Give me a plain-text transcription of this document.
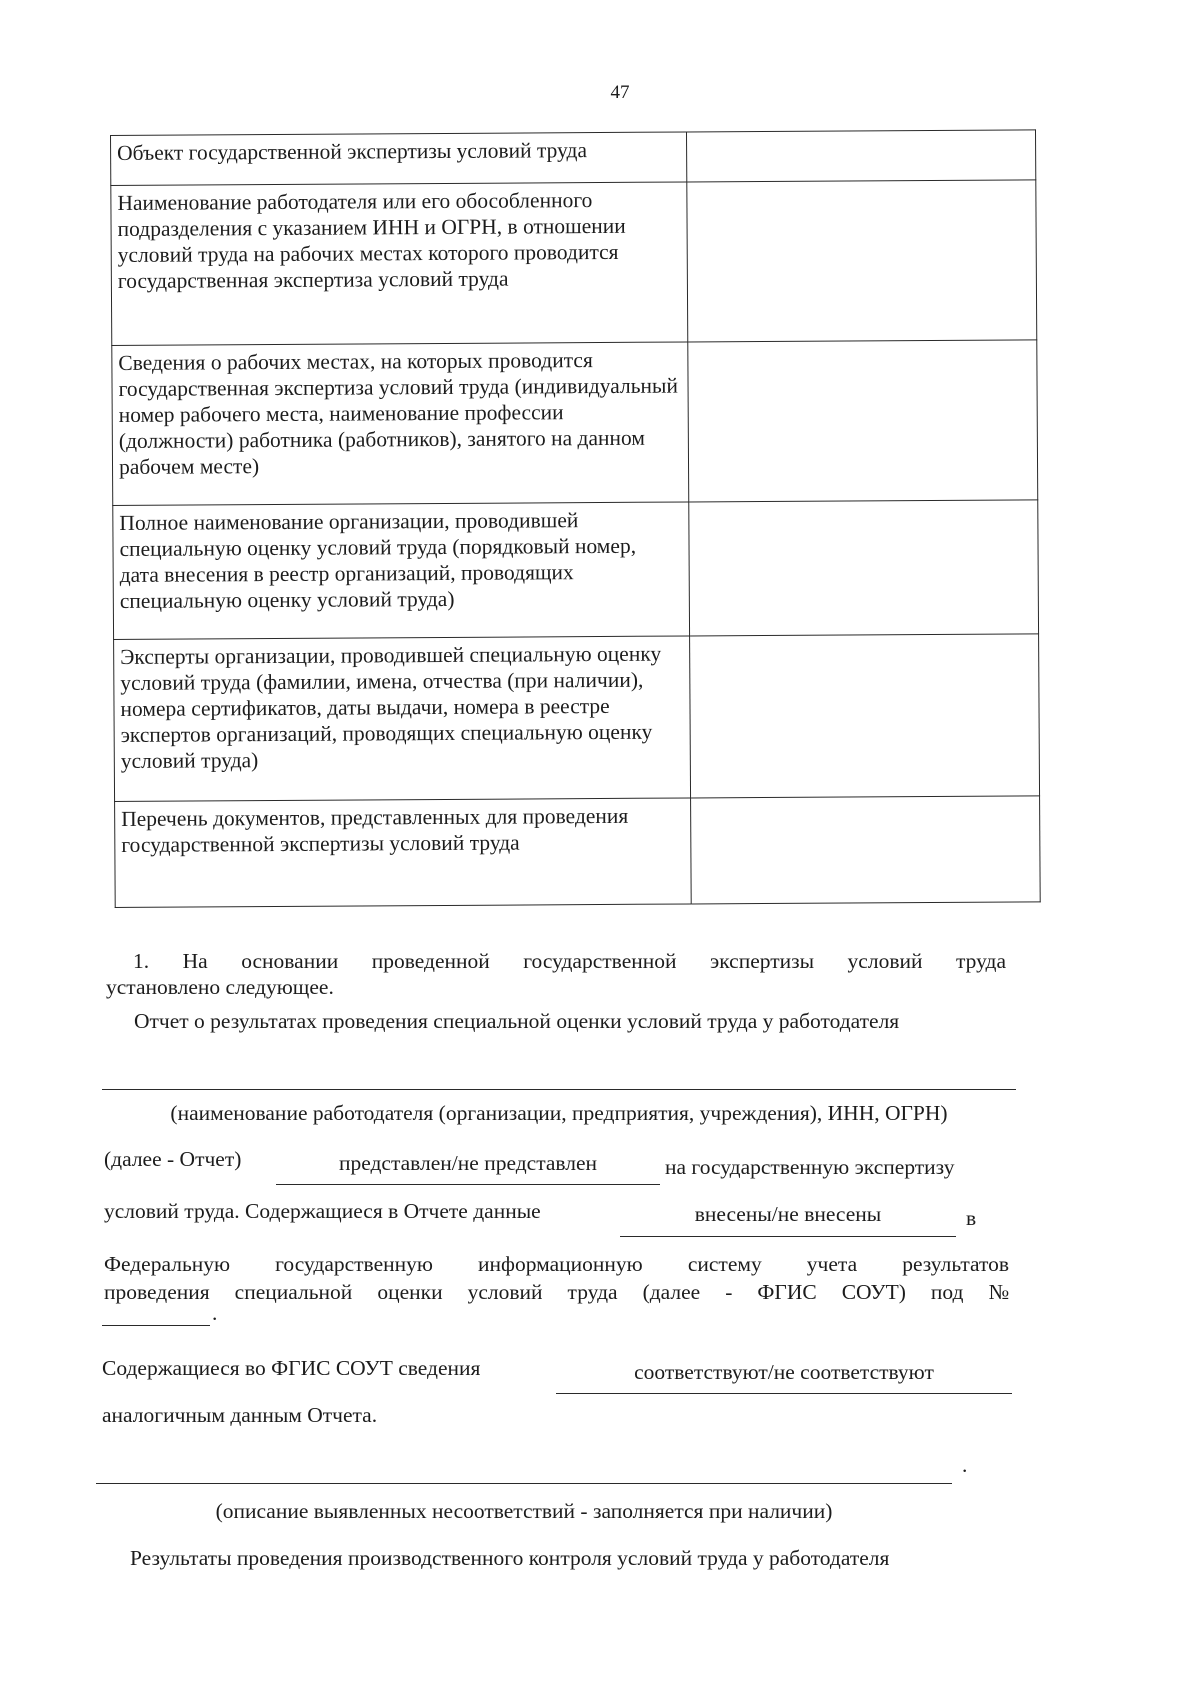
47
Объект государственной экспертизы условий труда	
Наименование работодателя или его обособленного подразделения с указанием ИНН и ОГРН, в отношении условий труда на рабочих местах которого проводится государственная экспертиза условий труда	
Сведения о рабочих местах, на которых проводится государственная экспертиза условий труда (индивидуальный номер рабочего места, наименование профессии (должности) работника (работников), занятого на данном рабочем месте)	
Полное наименование организации, проводившей специальную оценку условий труда (порядковый номер, дата внесения в реестр организаций, проводящих специальную оценку условий труда)	
Эксперты организации, проводившей специальную оценку условий труда (фамилии, имена, отчества (при наличии), номера сертификатов, даты выдачи, номера в реестре экспертов организаций, проводящих специальную оценку условий труда)	
Перечень документов, представленных для проведения государственной экспертизы условий труда	
1. На основании проведенной государственной экспертизы условий труда
установлено следующее.
Отчет о результатах проведения специальной оценки условий труда у работодателя
(наименование работодателя (организации, предприятия, учреждения), ИНН, ОГРН)
(далее - Отчет)	представлен/не представлен	на государственную экспертизу
условий труда. Содержащиеся в Отчете данные	внесены/не внесены	в
Федеральную государственную информационную систему учета результатов
проведения специальной оценки условий труда (далее - ФГИС СОУТ) под №
.
Содержащиеся во ФГИС СОУТ сведения	соответствуют/не соответствуют
аналогичным данным Отчета.
.
(описание выявленных несоответствий - заполняется при наличии)
Результаты проведения производственного контроля условий труда у работодателя
